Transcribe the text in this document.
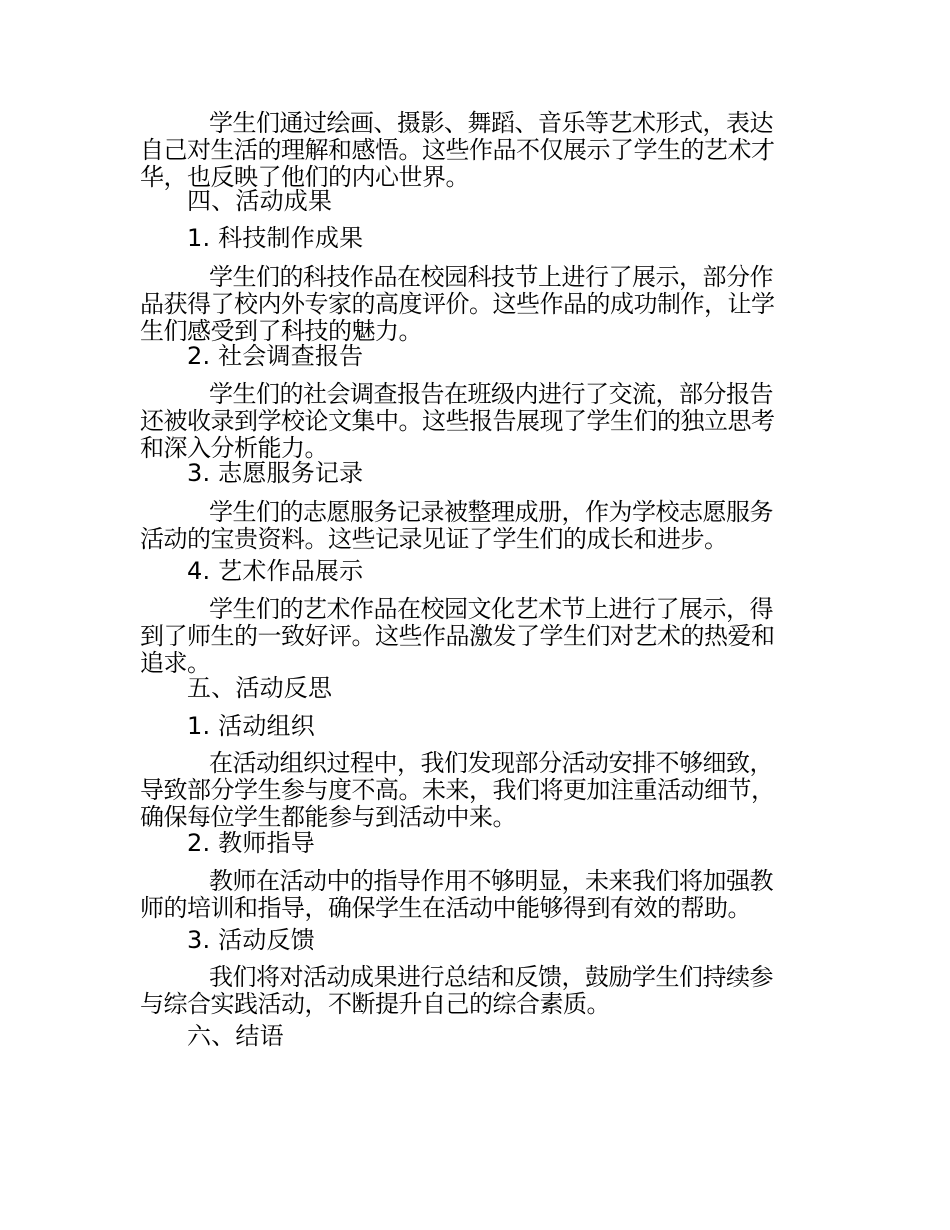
学生们通过绘画、摄影、舞蹈、音乐等艺术形式，表达
自己对生活的理解和感悟。这些作品不仅展示了学生的艺术才
华，也反映了他们的内心世界。
四、活动成果
1. 科技制作成果
学生们的科技作品在校园科技节上进行了展示，部分作
品获得了校内外专家的高度评价。这些作品的成功制作，让学
生们感受到了科技的魅力。
2. 社会调查报告
学生们的社会调查报告在班级内进行了交流，部分报告
还被收录到学校论文集中。这些报告展现了学生们的独立思考
和深入分析能力。
3. 志愿服务记录
学生们的志愿服务记录被整理成册，作为学校志愿服务
活动的宝贵资料。这些记录见证了学生们的成长和进步。
4. 艺术作品展示
学生们的艺术作品在校园文化艺术节上进行了展示，得
到了师生的一致好评。这些作品激发了学生们对艺术的热爱和
追求。
五、活动反思
1. 活动组织
在活动组织过程中，我们发现部分活动安排不够细致，
导致部分学生参与度不高。未来，我们将更加注重活动细节，
确保每位学生都能参与到活动中来。
2. 教师指导
教师在活动中的指导作用不够明显，未来我们将加强教
师的培训和指导，确保学生在活动中能够得到有效的帮助。
3. 活动反馈
我们将对活动成果进行总结和反馈，鼓励学生们持续参
与综合实践活动，不断提升自己的综合素质。
六、结语
